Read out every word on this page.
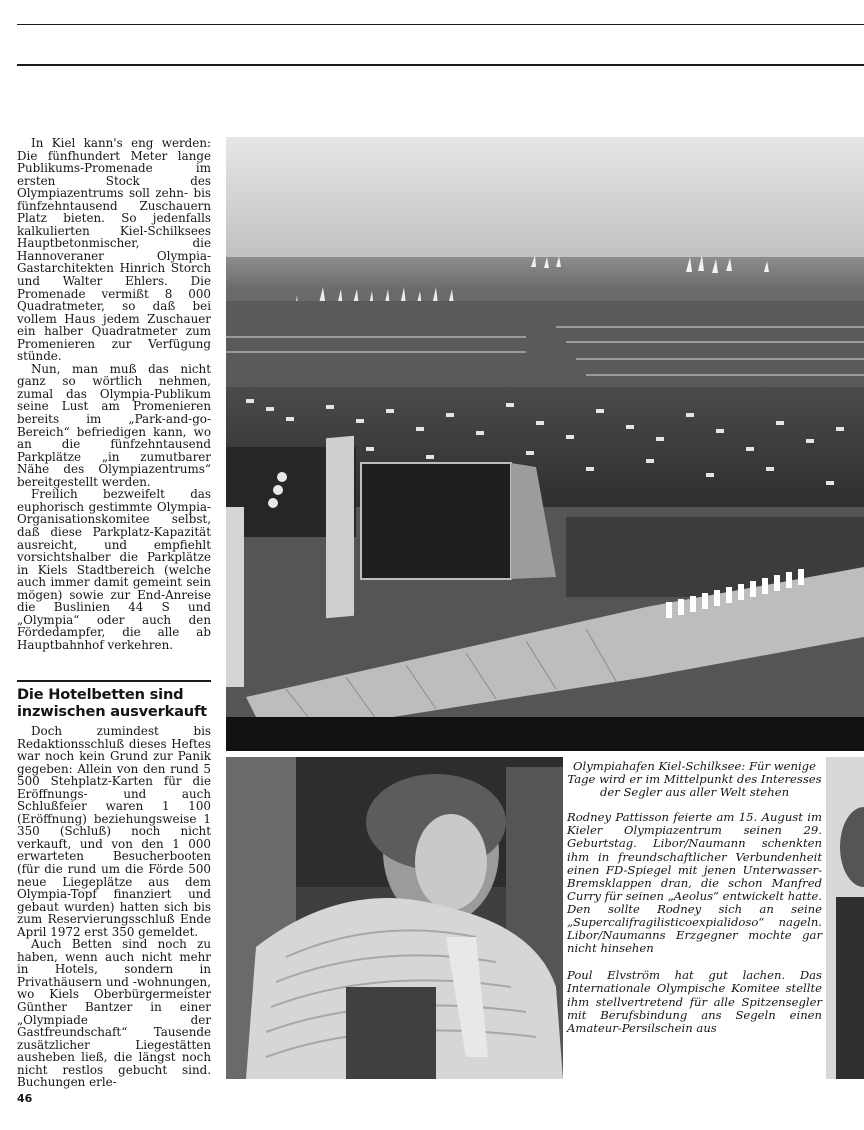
In Kiel kann's eng werden: Die fünfhundert Meter lange Publikums-Promenade im ersten Stock des Olympiazentrums soll zehn- bis fünfzehntausend Zuschauern Platz bieten. So jedenfalls kalkulierten Kiel-Schilksees Hauptbetonmischer, die Hannoveraner Olympia-Gastarchitekten Hinrich Storch und Walter Ehlers. Die Promenade vermißt 8 000 Quadratmeter, so daß bei vollem Haus jedem Zuschauer ein halber Quadratmeter zum Promenieren zur Verfügung stünde.

Nun, man muß das nicht ganz so wörtlich nehmen, zumal das Olympia-Publikum seine Lust am Promenieren bereits im „Park-and-go-Bereich“ befriedigen kann, wo an die fünfzehntausend Parkplätze „in zumutbarer Nähe des Olympiazentrums“ bereitgestellt werden.

Freilich bezweifelt das euphorisch gestimmte Olympia-Organisationskomitee selbst, daß diese Parkplatz-Kapazität ausreicht, und empfiehlt vorsichtshalber die Parkplätze in Kiels Stadtbereich (welche auch immer damit gemeint sein mögen) sowie zur End-Anreise die Buslinien 44 S und „Olympia“ oder auch den Fördedampfer, die alle ab Hauptbahnhof verkehren.

Die Hotelbetten sind inzwischen ausverkauft

Doch zumindest bis Redaktionsschluß dieses Heftes war noch kein Grund zur Panik gegeben: Allein von den rund 5 500 Stehplatz-Karten für die Eröffnungs- und auch Schlußfeier waren 1 100 (Eröffnung) beziehungsweise 1 350 (Schluß) noch nicht verkauft, und von den 1 000 erwarteten Besucherbooten (für die rund um die Förde 500 neue Liegeplätze aus dem Olympia-Topf finanziert und gebaut wurden) hatten sich bis zum Reservierungsschluß Ende April 1972 erst 350 gemeldet.

Auch Betten sind noch zu haben, wenn auch nicht mehr in Hotels, sondern in Privathäusern und -wohnungen, wo Kiels Oberbürgermeister Günther Bantzer in einer „Olympiade der Gastfreundschaft“ Tausende zusätzlicher Liegestätten ausheben ließ, die längst noch nicht restlos gebucht sind. Buchungen erle-

46

Olympiahafen Kiel-Schilksee: Für wenige Tage wird er im Mittelpunkt des Interesses der Segler aus aller Welt stehen

Rodney Pattisson feierte am 15. August im Kieler Olympiazentrum seinen 29. Geburtstag. Libor/Naumann schenkten ihm in freundschaftlicher Verbundenheit einen FD-Spiegel mit jenen Unterwasser-Bremsklappen dran, die schon Manfred Curry für seinen „Aeolus“ entwickelt hatte. Den sollte Rodney sich an seine „Supercalifragilisticoexpialidoso“ nageln. Libor/Naumanns Erzgegner mochte gar nicht hinsehen

Poul Elvström hat gut lachen. Das Internationale Olympische Komitee stellte ihm stellvertretend für alle Spitzensegler mit Berufsbindung ans Segeln einen Amateur-Persilschein aus
